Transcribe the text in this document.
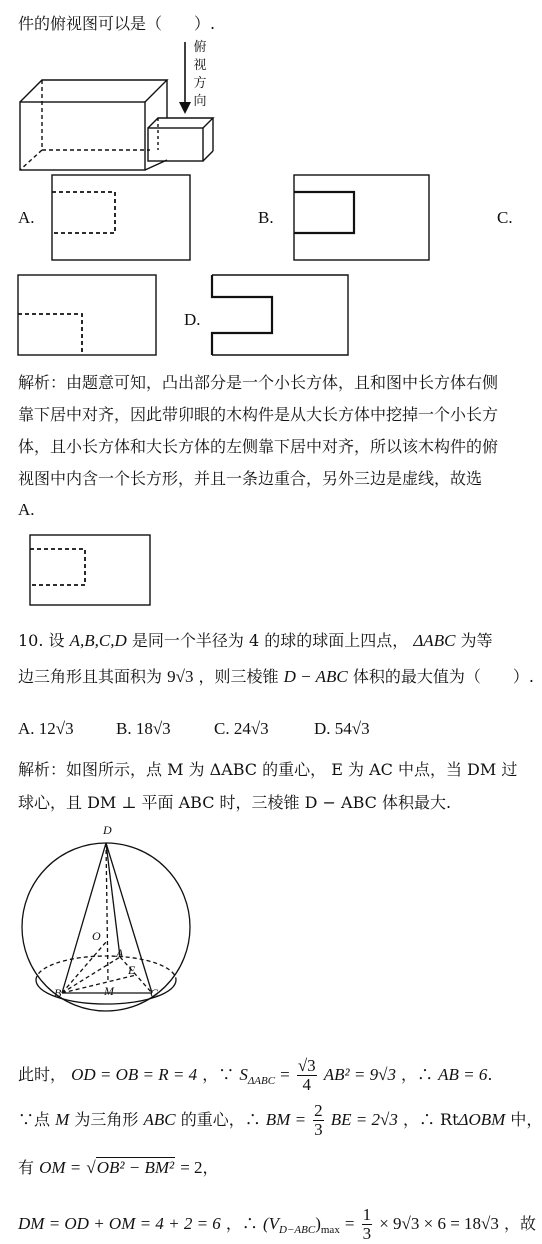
件的俯视图可以是（　　）.
俯
视
方
向
A.	B.	C.
D.
解析：由题意可知，凸出部分是一个小长方体，且和图中长方体右侧
靠下居中对齐，因此带卯眼的木构件是从大长方体中挖掉一个小长方
体，且小长方体和大长方体的左侧靠下居中对齐，所以该木构件的俯
视图中内含一个长方形，并且一条边重合，另外三边是虚线，故选
A.
10. 设 A,B,C,D 是同一个半径为 4 的球的球面上四点， ΔABC 为等
边三角形且其面积为 9√3 ，则三棱锥 D − ABC 体积的最大值为（　　）.
A. 12√3 B. 18√3	C. 24√3	D. 54√3
解析：如图所示，点 M 为 ΔABC 的重心， E 为 AC 中点，当 DM 过
球心，且 DM ⊥ 平面 ABC 时，三棱锥 D − ABC 体积最大.
D
O
A
E
B	M	C
此时， OD = OB = R = 4 ，∵ $S_{\Delta ABC} = \frac{√3}{4} AB^2 = 9√3$ ，∴ AB = 6.
∵点 M 为三角形 ABC 的重心，∴ BM = $\frac{2}{3}$ BE = 2√3 ，∴ RtΔOBM 中，
有 OM = √OB² − BM² = 2，
DM = OD + OM = 4 + 2 = 6 ，∴ $(V_{D-ABC})_{max} = \frac{1}{3} \times 9√3 \times 6 = 18√3$ ，故
